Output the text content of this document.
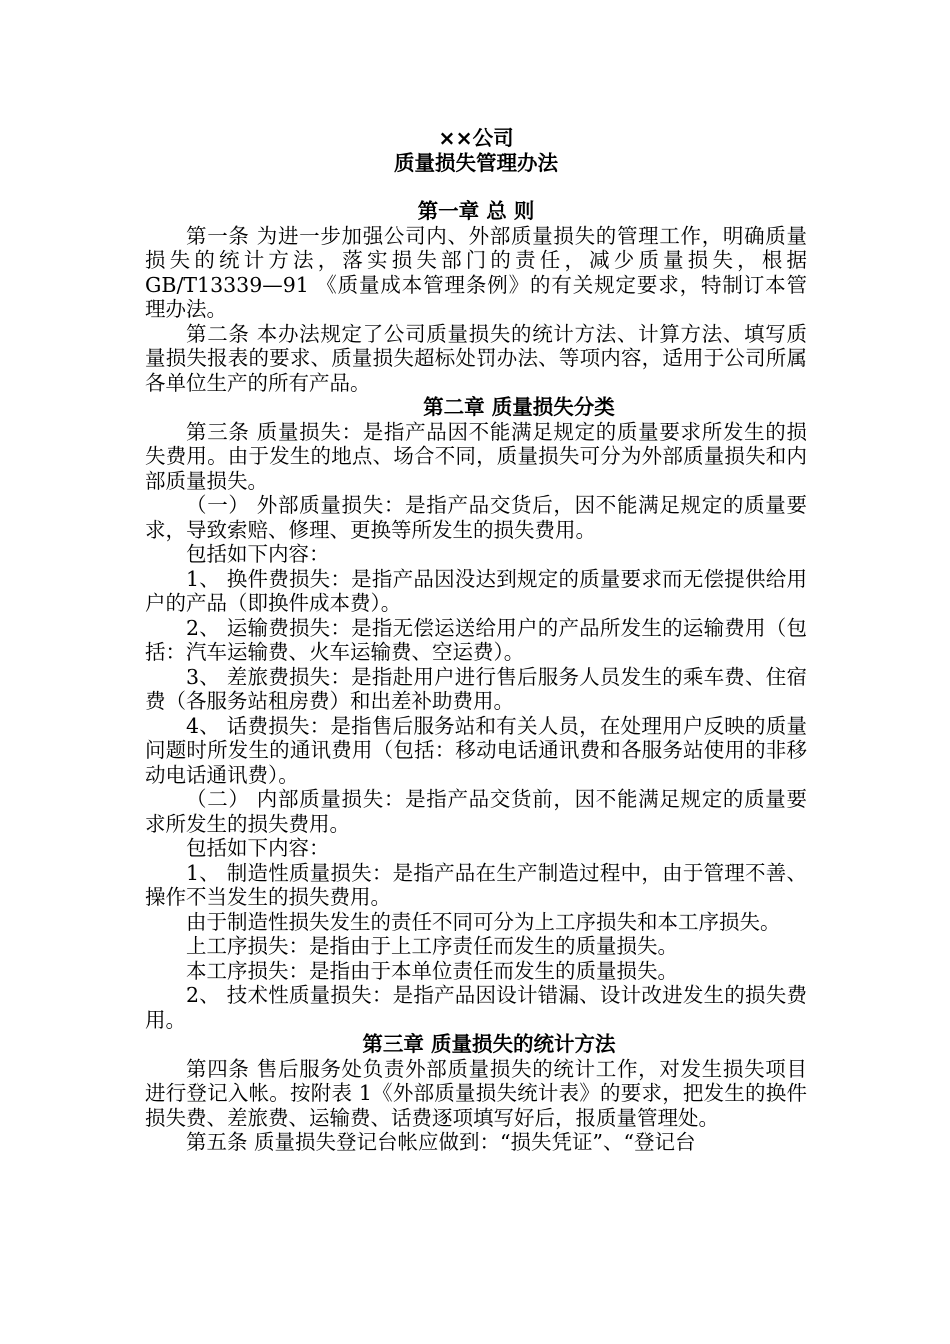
××公司
质量损失管理办法
第一章 总 则

第一条 为进一步加强公司内、外部质量损失的管理工作，明确质量损失的统计方法，落实损失部门的责任，减少质量损失，根据GB/T13339—91 《质量成本管理条例》的有关规定要求，特制订本管理办法。

第二条 本办法规定了公司质量损失的统计方法、计算方法、填写质量损失报表的要求、质量损失超标处罚办法、等项内容，适用于公司所属各单位生产的所有产品。

第二章 质量损失分类

第三条 质量损失：是指产品因不能满足规定的质量要求所发生的损失费用。由于发生的地点、场合不同，质量损失可分为外部质量损失和内部质量损失。

（一） 外部质量损失：是指产品交货后，因不能满足规定的质量要求，导致索赔、修理、更换等所发生的损失费用。

包括如下内容：

1、 换件费损失：是指产品因没达到规定的质量要求而无偿提供给用户的产品（即换件成本费）。

2、 运输费损失：是指无偿运送给用户的产品所发生的运输费用（包括：汽车运输费、火车运输费、空运费）。

3、 差旅费损失：是指赴用户进行售后服务人员发生的乘车费、住宿费（各服务站租房费）和出差补助费用。

4、 话费损失：是指售后服务站和有关人员，在处理用户反映的质量问题时所发生的通讯费用（包括：移动电话通讯费和各服务站使用的非移动电话通讯费）。

（二） 内部质量损失：是指产品交货前，因不能满足规定的质量要求所发生的损失费用。

包括如下内容：

1、 制造性质量损失：是指产品在生产制造过程中，由于管理不善、操作不当发生的损失费用。

由于制造性损失发生的责任不同可分为上工序损失和本工序损失。

上工序损失：是指由于上工序责任而发生的质量损失。

本工序损失：是指由于本单位责任而发生的质量损失。

2、 技术性质量损失：是指产品因设计错漏、设计改进发生的损失费用。

第三章 质量损失的统计方法

第四条 售后服务处负责外部质量损失的统计工作，对发生损失项目进行登记入帐。按附表 1《外部质量损失统计表》的要求，把发生的换件损失费、差旅费、运输费、话费逐项填写好后，报质量管理处。

第五条 质量损失登记台帐应做到：“损失凭证”、“登记台
